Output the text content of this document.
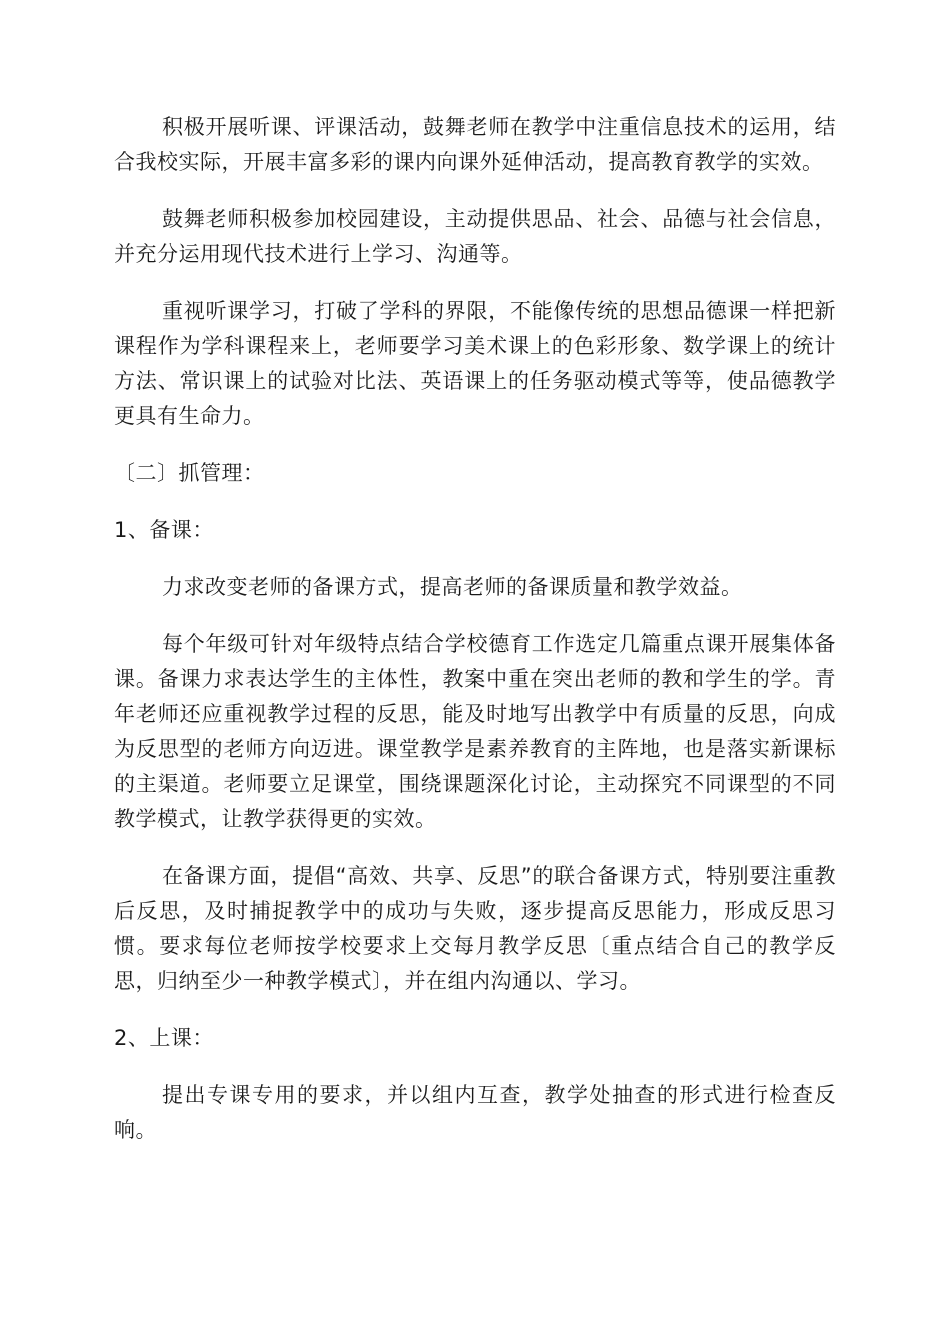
积极开展听课、评课活动，鼓舞老师在教学中注重信息技术的运用，结合我校实际，开展丰富多彩的课内向课外延伸活动，提高教育教学的实效。

鼓舞老师积极参加校园建设，主动提供思品、社会、品德与社会信息，并充分运用现代技术进行上学习、沟通等。

重视听课学习，打破了学科的界限，不能像传统的思想品德课一样把新课程作为学科课程来上，老师要学习美术课上的色彩形象、数学课上的统计方法、常识课上的试验对比法、英语课上的任务驱动模式等等，使品德教学更具有生命力。

〔二〕抓管理：

1、备课：

力求改变老师的备课方式，提高老师的备课质量和教学效益。

每个年级可针对年级特点结合学校德育工作选定几篇重点课开展集体备课。备课力求表达学生的主体性，教案中重在突出老师的教和学生的学。青年老师还应重视教学过程的反思，能及时地写出教学中有质量的反思，向成为反思型的老师方向迈进。课堂教学是素养教育的主阵地，也是落实新课标的主渠道。老师要立足课堂，围绕课题深化讨论，主动探究不同课型的不同教学模式，让教学获得更的实效。

在备课方面，提倡“高效、共享、反思”的联合备课方式，特别要注重教后反思，及时捕捉教学中的成功与失败，逐步提高反思能力，形成反思习惯。要求每位老师按学校要求上交每月教学反思〔重点结合自己的教学反思，归纳至少一种教学模式〕，并在组内沟通以、学习。

2、上课：

提出专课专用的要求，并以组内互查，教学处抽查的形式进行检查反响。
